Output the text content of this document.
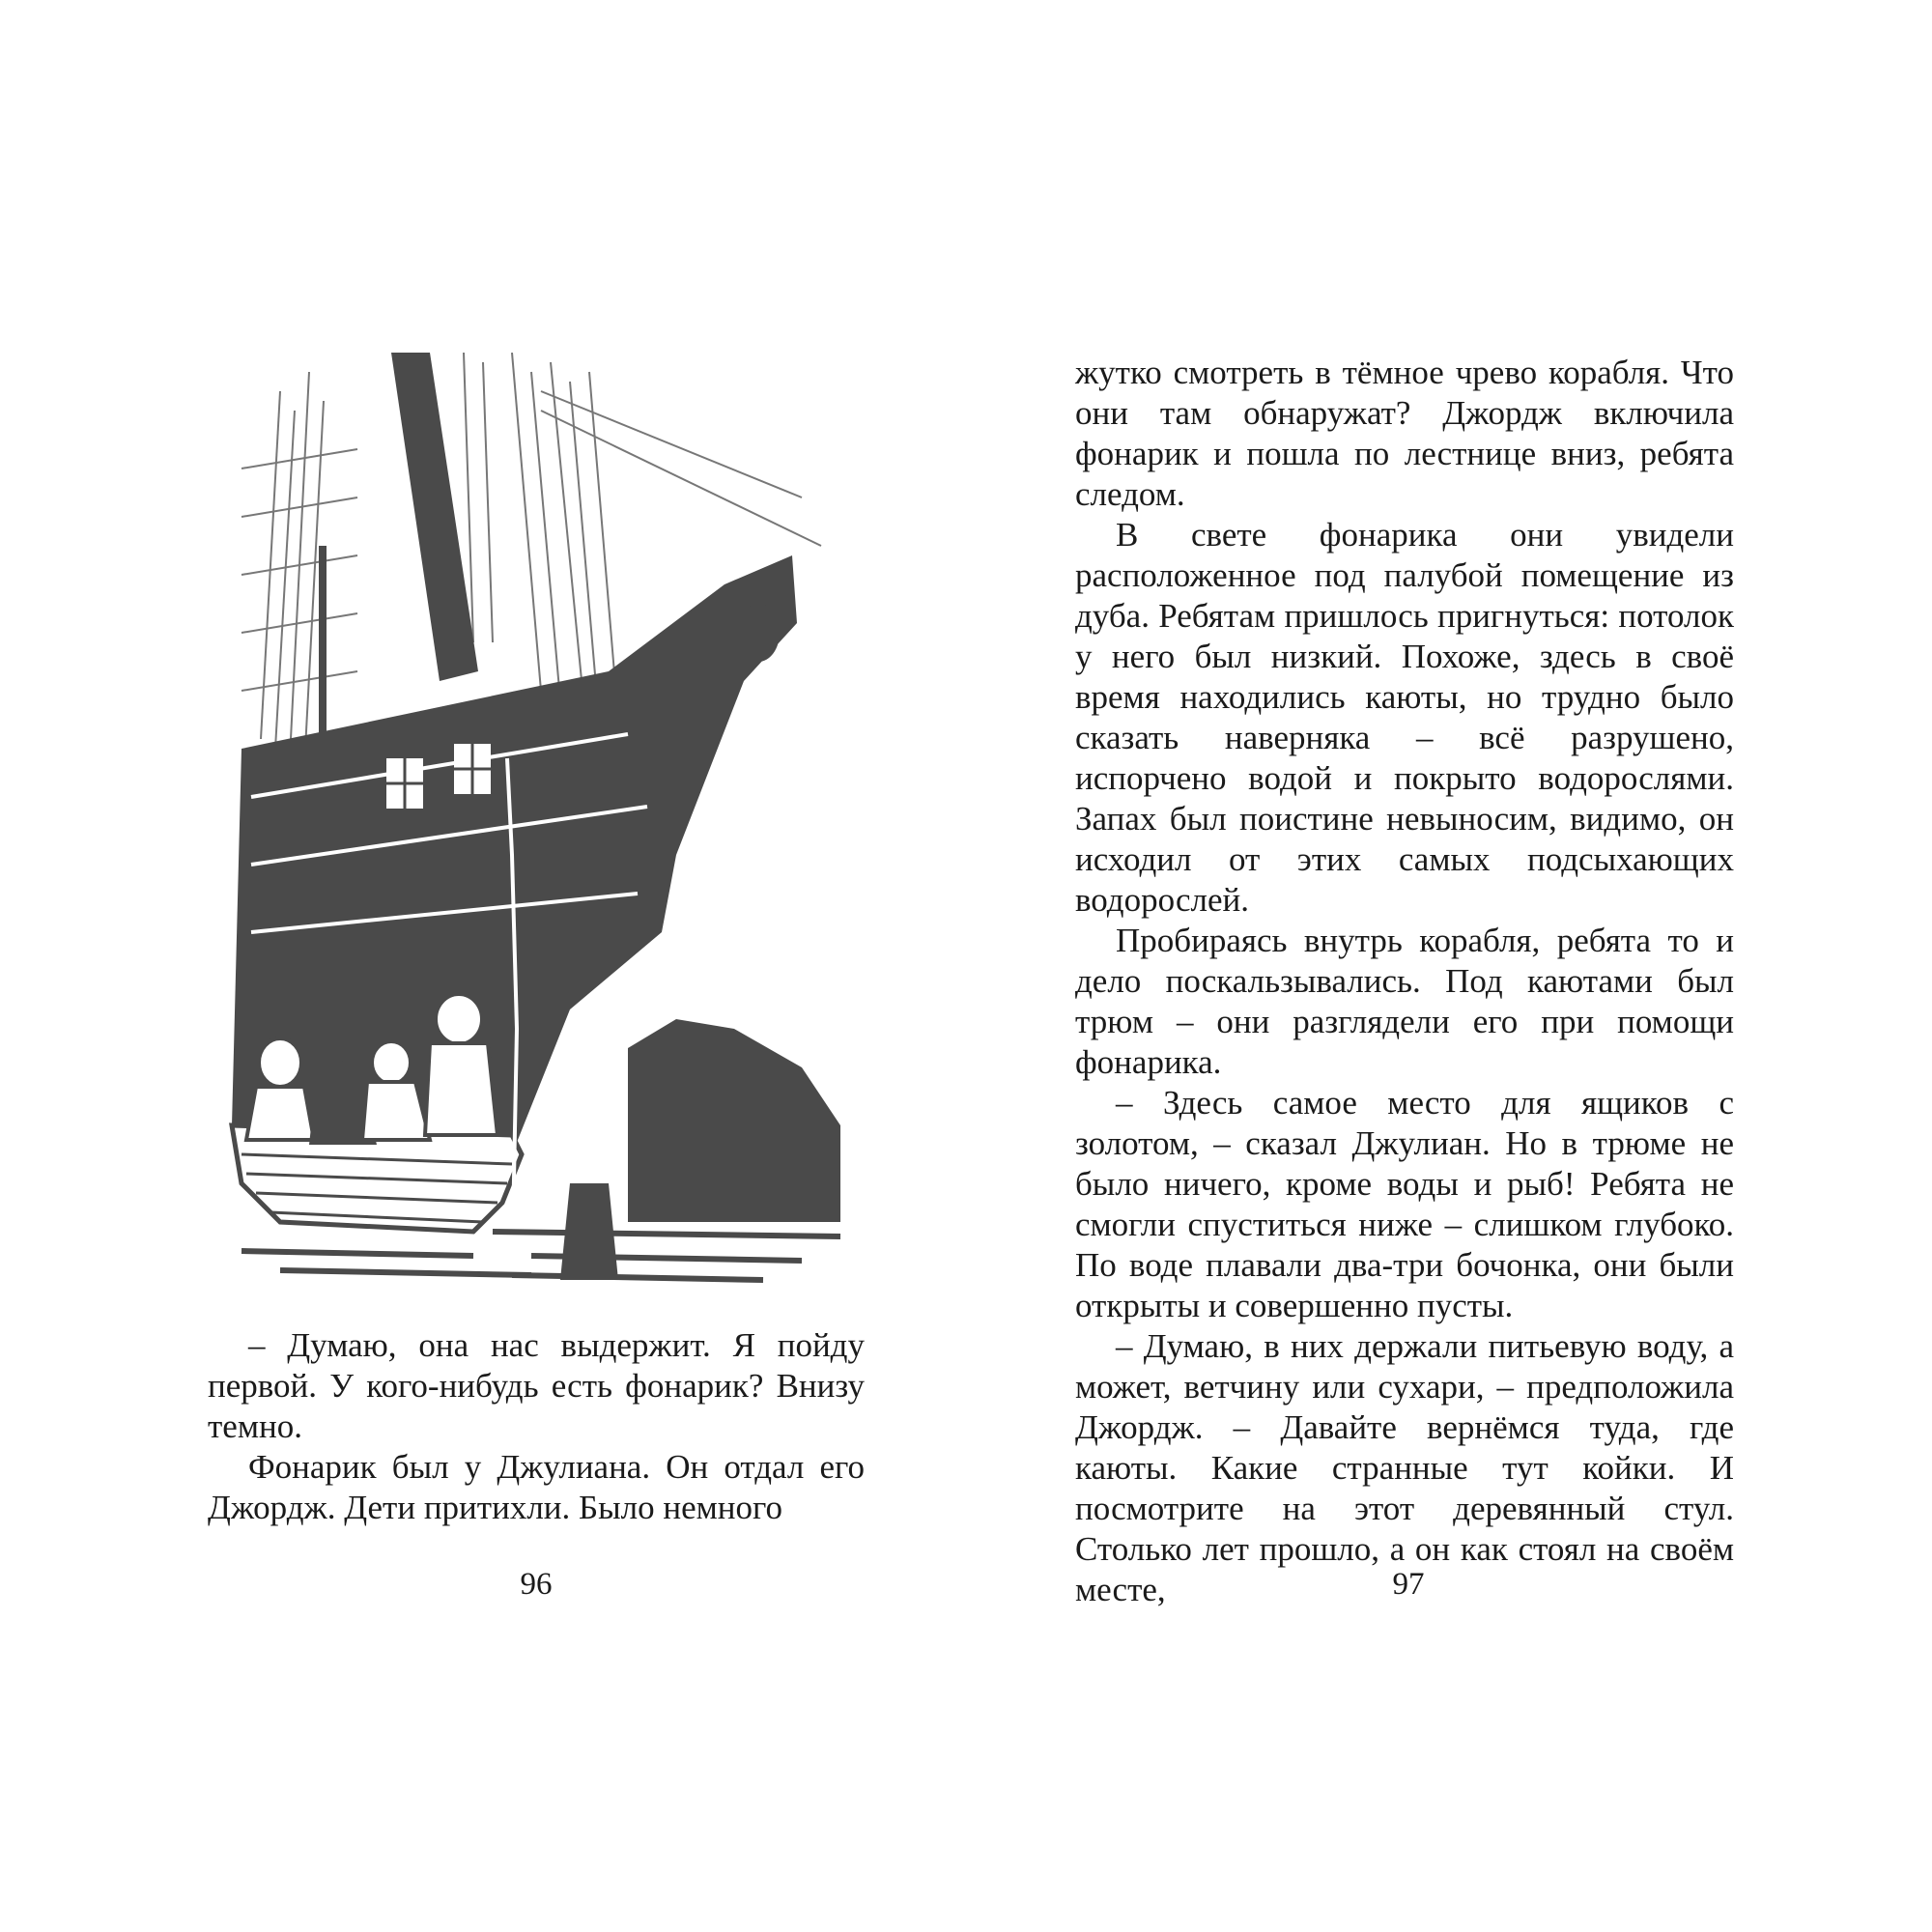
– Думаю, она нас выдержит. Я пойду первой. У кого-нибудь есть фонарик? Внизу темно.

Фонарик был у Джулиана. Он отдал его Джордж. Дети притихли. Было немного

96

жутко смотреть в тёмное чрево корабля. Что они там обнаружат? Джордж включила фонарик и пошла по лестнице вниз, ребята следом.

В свете фонарика они увидели расположенное под палубой помещение из дуба. Ребятам пришлось пригнуться: потолок у него был низкий. Похоже, здесь в своё время находились каюты, но трудно было сказать наверняка – всё разрушено, испорчено водой и покрыто водорослями. Запах был поистине невыносим, видимо, он исходил от этих самых подсыхающих водорослей.

Пробираясь внутрь корабля, ребята то и дело поскальзывались. Под каютами был трюм – они разглядели его при помощи фонарика.

– Здесь самое место для ящиков с золотом, – сказал Джулиан. Но в трюме не было ничего, кроме воды и рыб! Ребята не смогли спуститься ниже – слишком глубоко. По воде плавали два-три бочонка, они были открыты и совершенно пусты.

– Думаю, в них держали питьевую воду, а может, ветчину или сухари, – предположила Джордж. – Давайте вернёмся туда, где каюты. Какие странные тут койки. И посмотрите на этот деревянный стул. Столько лет прошло, а он как стоял на своём месте,	97
